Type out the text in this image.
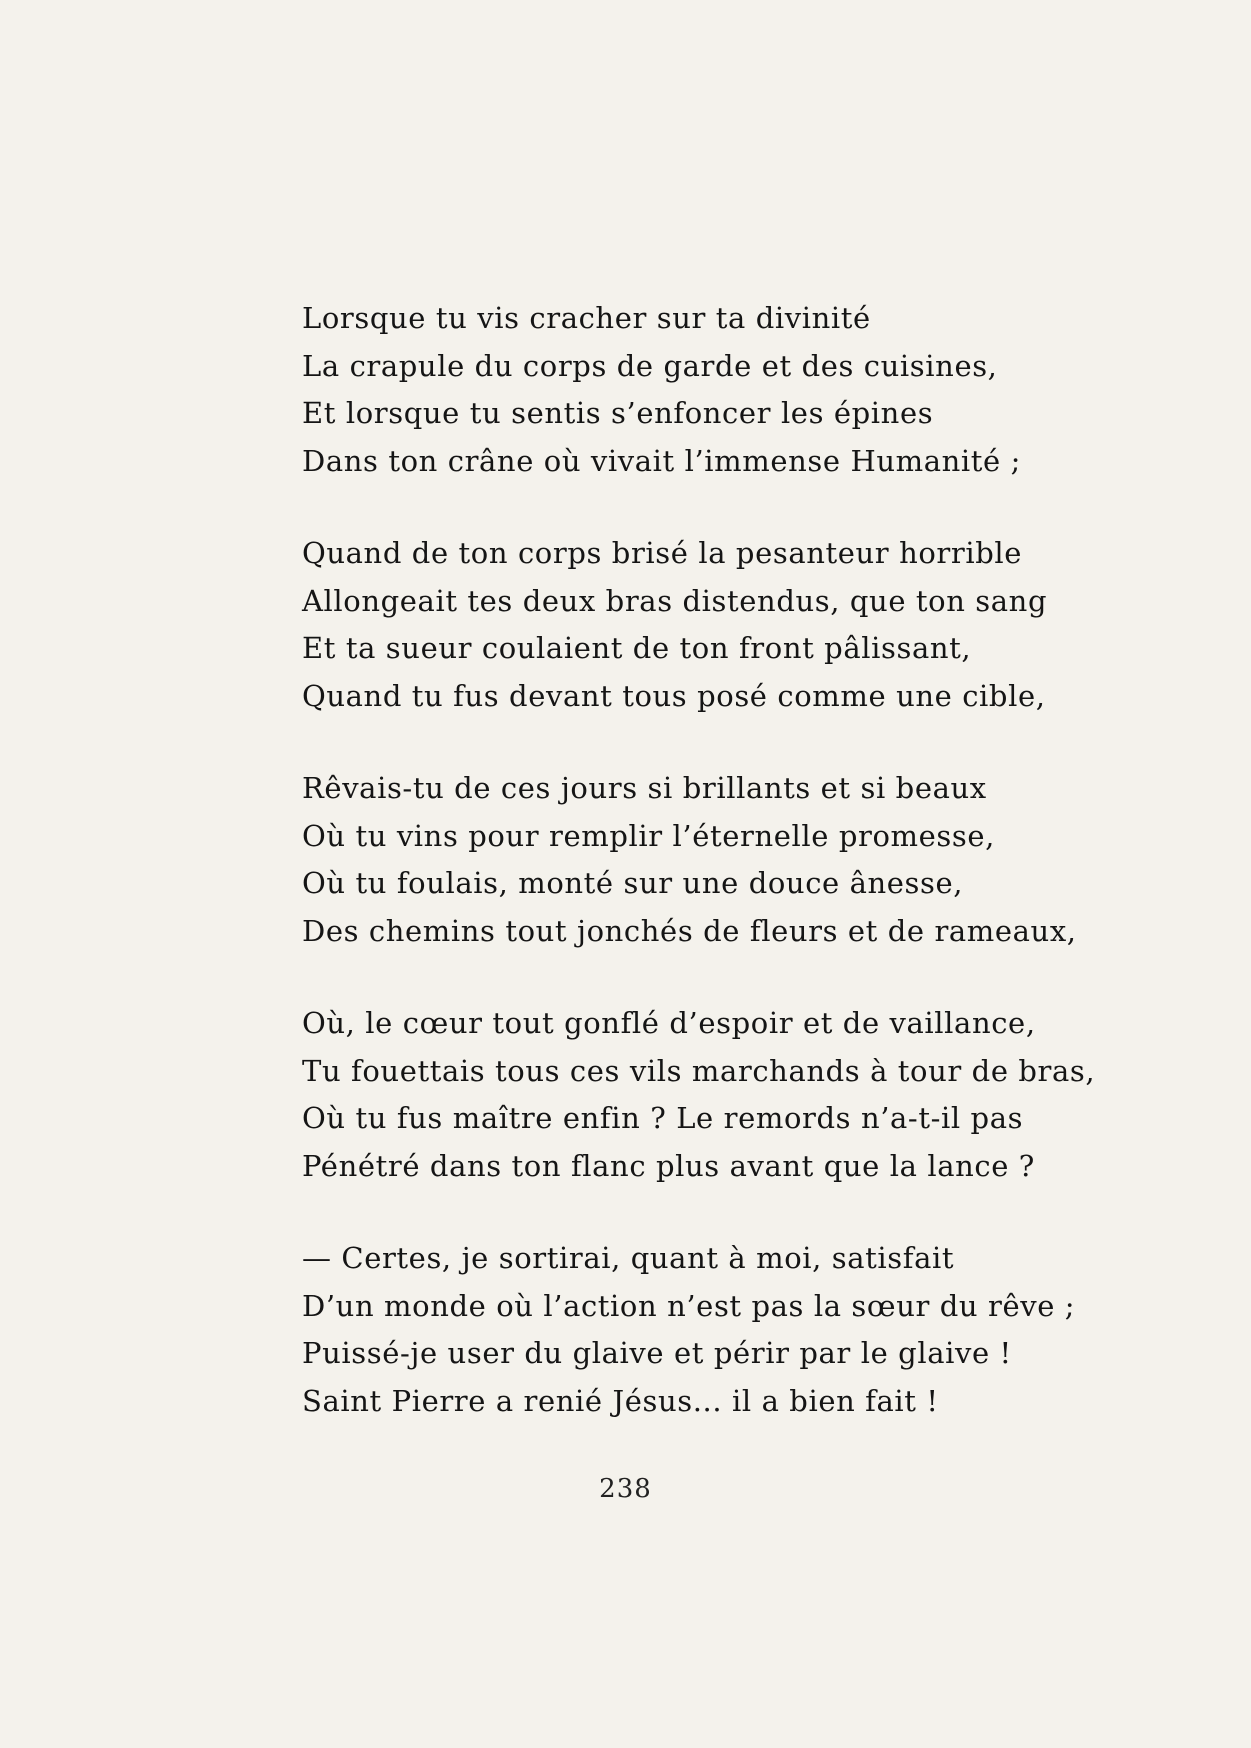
Lorsque tu vis cracher sur ta divinité
La crapule du corps de garde et des cuisines,
Et lorsque tu sentis s’enfoncer les épines
Dans ton crâne où vivait l’immense Humanité ;
Quand de ton corps brisé la pesanteur horrible
Allongeait tes deux bras distendus, que ton sang
Et ta sueur coulaient de ton front pâlissant,
Quand tu fus devant tous posé comme une cible,
Rêvais-tu de ces jours si brillants et si beaux
Où tu vins pour remplir l’éternelle promesse,
Où tu foulais, monté sur une douce ânesse,
Des chemins tout jonchés de fleurs et de rameaux,
Où, le cœur tout gonflé d’espoir et de vaillance,
Tu fouettais tous ces vils marchands à tour de bras,
Où tu fus maître enfin ? Le remords n’a-t-il pas
Pénétré dans ton flanc plus avant que la lance ?
— Certes, je sortirai, quant à moi, satisfait
D’un monde où l’action n’est pas la sœur du rêve ;
Puissé-je user du glaive et périr par le glaive !
Saint Pierre a renié Jésus... il a bien fait !
238
